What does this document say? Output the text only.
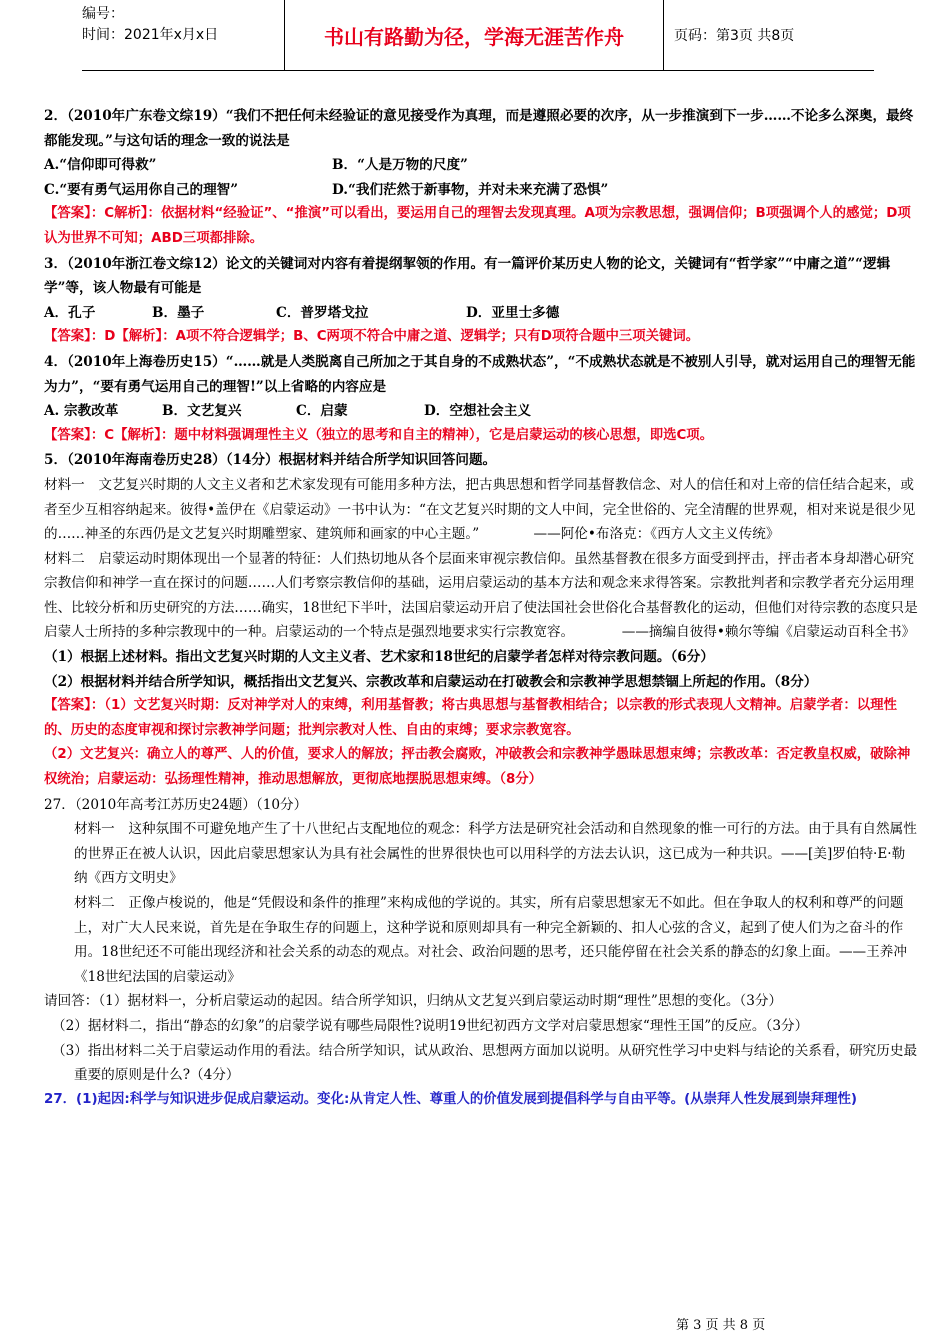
编号：
时间：2021年x月x日	书山有路勤为径，学海无涯苦作舟	页码：第3页 共8页

2．（2010年广东卷文综19）“我们不把任何未经验证的意见接受作为真理，而是遵照必要的次序，从一步推演到下一步……不论多么深奥，最终都能发现。”与这句话的理念一致的说法是

A.“信仰即可得救”	B．“人是万物的尺度”
C.“要有勇气运用你自己的理智”	D.“我们茫然于新事物，并对未来充满了恐惧”

【答案】：C解析】：依据材料“经验证”、“推演”可以看出，要运用自己的理智去发现真理。A项为宗教思想，强调信仰；B项强调个人的感觉；D项认为世界不可知；ABD三项都排除。

3．（2010年浙江卷文综12）论文的关键词对内容有着提纲挈领的作用。有一篇评价某历史人物的论文，关键词有“哲学家”“中庸之道”“逻辑学”等，该人物最有可能是

A．孔子	B．墨子	C．普罗塔戈拉	D．亚里士多德

【答案】：D【解析】：A项不符合逻辑学；B、C两项不符合中庸之道、逻辑学；只有D项符合题中三项关键词。

4．（2010年上海卷历史15）“……就是人类脱离自己所加之于其自身的不成熟状态”，“不成熟状态就是不被别人引导，就对运用自己的理智无能为力”，“要有勇气运用自己的理智!”以上省略的内容应是

A. 宗教改革	B．文艺复兴	C．启蒙	D．空想社会主义

【答案】：C【解析】：题中材料强调理性主义（独立的思考和自主的精神），它是启蒙运动的核心思想，即选C项。

5．（2010年海南卷历史28）（14分）根据材料并结合所学知识回答问题。

材料一　文艺复兴时期的人文主义者和艺术家发现有可能用多种方法，把古典思想和哲学同基督教信念、对人的信任和对上帝的信任结合起来，或者至少互相容纳起来。彼得•盖伊在《启蒙运动》一书中认为：“在文艺复兴时期的文人中间，完全世俗的、完全清醒的世界观，相对来说是很少见的……神圣的东西仍是文艺复兴时期雕塑家、建筑师和画家的中心主题。”　　　　——阿伦•布洛克：《西方人文主义传统》

材料二　启蒙运动时期体现出一个显著的特征：人们热切地从各个层面来审视宗教信仰。虽然基督教在很多方面受到抨击，抨击者本身却潜心研究宗教信仰和神学一直在探讨的问题……人们考察宗教信仰的基础，运用启蒙运动的基本方法和观念来求得答案。宗教批判者和宗教学者充分运用理性、比较分析和历史研究的方法……确实，18世纪下半叶，法国启蒙运动开启了使法国社会世俗化合基督教化的运动，但他们对待宗教的态度只是启蒙人士所持的多种宗教现中的一种。启蒙运动的一个特点是强烈地要求实行宗教宽容。　　　　——摘编自彼得•赖尔等编《启蒙运动百科全书》

（1）根据上述材料。指出文艺复兴时期的人文主义者、艺术家和18世纪的启蒙学者怎样对待宗教问题。（6分）

（2）根据材料并结合所学知识，概括指出文艺复兴、宗教改革和启蒙运动在打破教会和宗教神学思想禁锢上所起的作用。（8分）

【答案】：（1）文艺复兴时期：反对神学对人的束缚，利用基督教；将古典思想与基督教相结合；以宗教的形式表现人文精神。启蒙学者：以理性的、历史的态度审视和探讨宗教神学问题；批判宗教对人性、自由的束缚；要求宗教宽容。

（2）文艺复兴：确立人的尊严、人的价值，要求人的解放；抨击教会腐败，冲破教会和宗教神学愚昧思想束缚；宗教改革：否定教皇权威，破除神权统治；启蒙运动：弘扬理性精神，推动思想解放，更彻底地摆脱思想束缚。（8分）

27．（2010年高考江苏历史24题）（10分）

材料一　这种氛围不可避免地产生了十八世纪占支配地位的观念：科学方法是研究社会活动和自然现象的惟一可行的方法。由于具有自然属性的世界正在被人认识，因此启蒙思想家认为具有社会属性的世界很快也可以用科学的方法去认识，这已成为一种共识。——[美]罗伯特·E·勒纳《西方文明史》

材料二　正像卢梭说的，他是“凭假设和条件的推理”来构成他的学说的。其实，所有启蒙思想家无不如此。但在争取人的权利和尊严的问题上，对广大人民来说，首先是在争取生存的问题上，这种学说和原则却具有一种完全新颖的、扣人心弦的含义，起到了使人们为之奋斗的作用。18世纪还不可能出现经济和社会关系的动态的观点。对社会、政治问题的思考，还只能停留在社会关系的静态的幻象上面。——王养冲《18世纪法国的启蒙运动》

请回答：（1）据材料一，分析启蒙运动的起因。结合所学知识，归纳从文艺复兴到启蒙运动时期“理性”思想的变化。（3分）

（2）据材料二，指出“静态的幻象”的启蒙学说有哪些局限性?说明19世纪初西方文学对启蒙思想家“理性王国”的反应。（3分）

（3）指出材料二关于启蒙运动作用的看法。结合所学知识，试从政治、思想两方面加以说明。从研究性学习中史料与结论的关系看，研究历史最重要的原则是什么?（4分）

27．(1)起因:科学与知识进步促成启蒙运动。变化:从肯定人性、尊重人的价值发展到提倡科学与自由平等。(从崇拜人性发展到崇拜理性)

第 3 页 共 8 页
